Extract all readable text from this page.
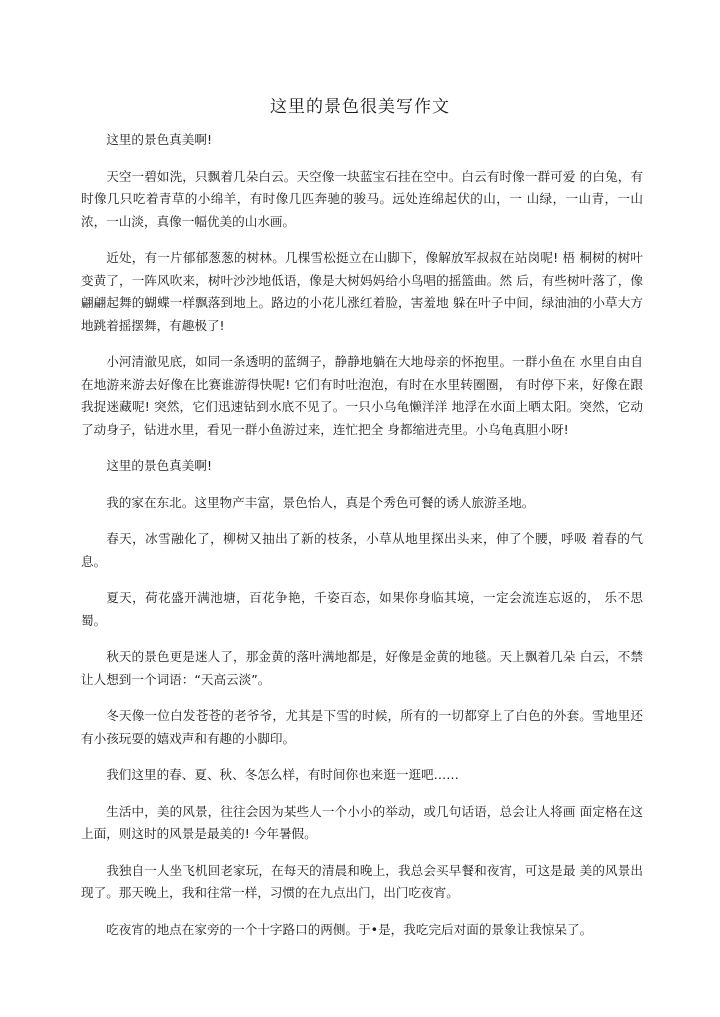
这里的景色很美写作文

这里的景色真美啊!

天空一碧如洗，只飘着几朵白云。天空像一块蓝宝石挂在空中。白云有时像一群可爱 的白兔，有时像几只吃着青草的小绵羊，有时像几匹奔驰的骏马。远处连绵起伏的山，一 山绿，一山青，一山浓，一山淡，真像一幅优美的山水画。

近处，有一片郁郁葱葱的树林。几棵雪松挺立在山脚下，像解放军叔叔在站岗呢! 梧 桐树的树叶变黄了，一阵风吹来，树叶沙沙地低语，像是大树妈妈给小鸟唱的摇篮曲。然 后，有些树叶落了，像翩翩起舞的蝴蝶一样飘落到地上。路边的小花儿涨红着脸，害羞地 躲在叶子中间，绿油油的小草大方地跳着摇摆舞，有趣极了!

小河清澈见底，如同一条透明的蓝绸子，静静地躺在大地母亲的怀抱里。一群小鱼在 水里自由自在地游来游去好像在比赛谁游得快呢! 它们有时吐泡泡，有时在水里转圈圈， 有时停下来，好像在跟我捉迷藏呢! 突然，它们迅速钻到水底不见了。一只小乌龟懒洋洋 地浮在水面上晒太阳。突然，它动了动身子，钻进水里，看见一群小鱼游过来，连忙把全 身都缩进壳里。小乌龟真胆小呀!

这里的景色真美啊!

我的家在东北。这里物产丰富，景色怡人，真是个秀色可餐的诱人旅游圣地。

春天，冰雪融化了，柳树又抽出了新的枝条，小草从地里探出头来，伸了个腰，呼吸 着春的气息。

夏天，荷花盛开满池塘，百花争艳，千姿百态，如果你身临其境，一定会流连忘返的， 乐不思蜀。

秋天的景色更是迷人了，那金黄的落叶满地都是，好像是金黄的地毯。天上飘着几朵 白云，不禁让人想到一个词语：“天高云淡”。

冬天像一位白发苍苍的老爷爷，尤其是下雪的时候，所有的一切都穿上了白色的外套。雪地里还有小孩玩耍的嬉戏声和有趣的小脚印。

我们这里的春、夏、秋、冬怎么样，有时间你也来逛一逛吧……

生活中，美的风景，往往会因为某些人一个小小的举动，或几句话语，总会让人将画 面定格在这上面，则这时的风景是最美的! 今年暑假。

我独自一人坐飞机回老家玩，在每天的清晨和晚上，我总会买早餐和夜宵，可这是最 美的风景出现了。那天晚上，我和往常一样，习惯的在九点出门，出门吃夜宵。

吃夜宵的地点在家旁的一个十字路口的两侧。于•是，我吃完后对面的景象让我惊呆了。
